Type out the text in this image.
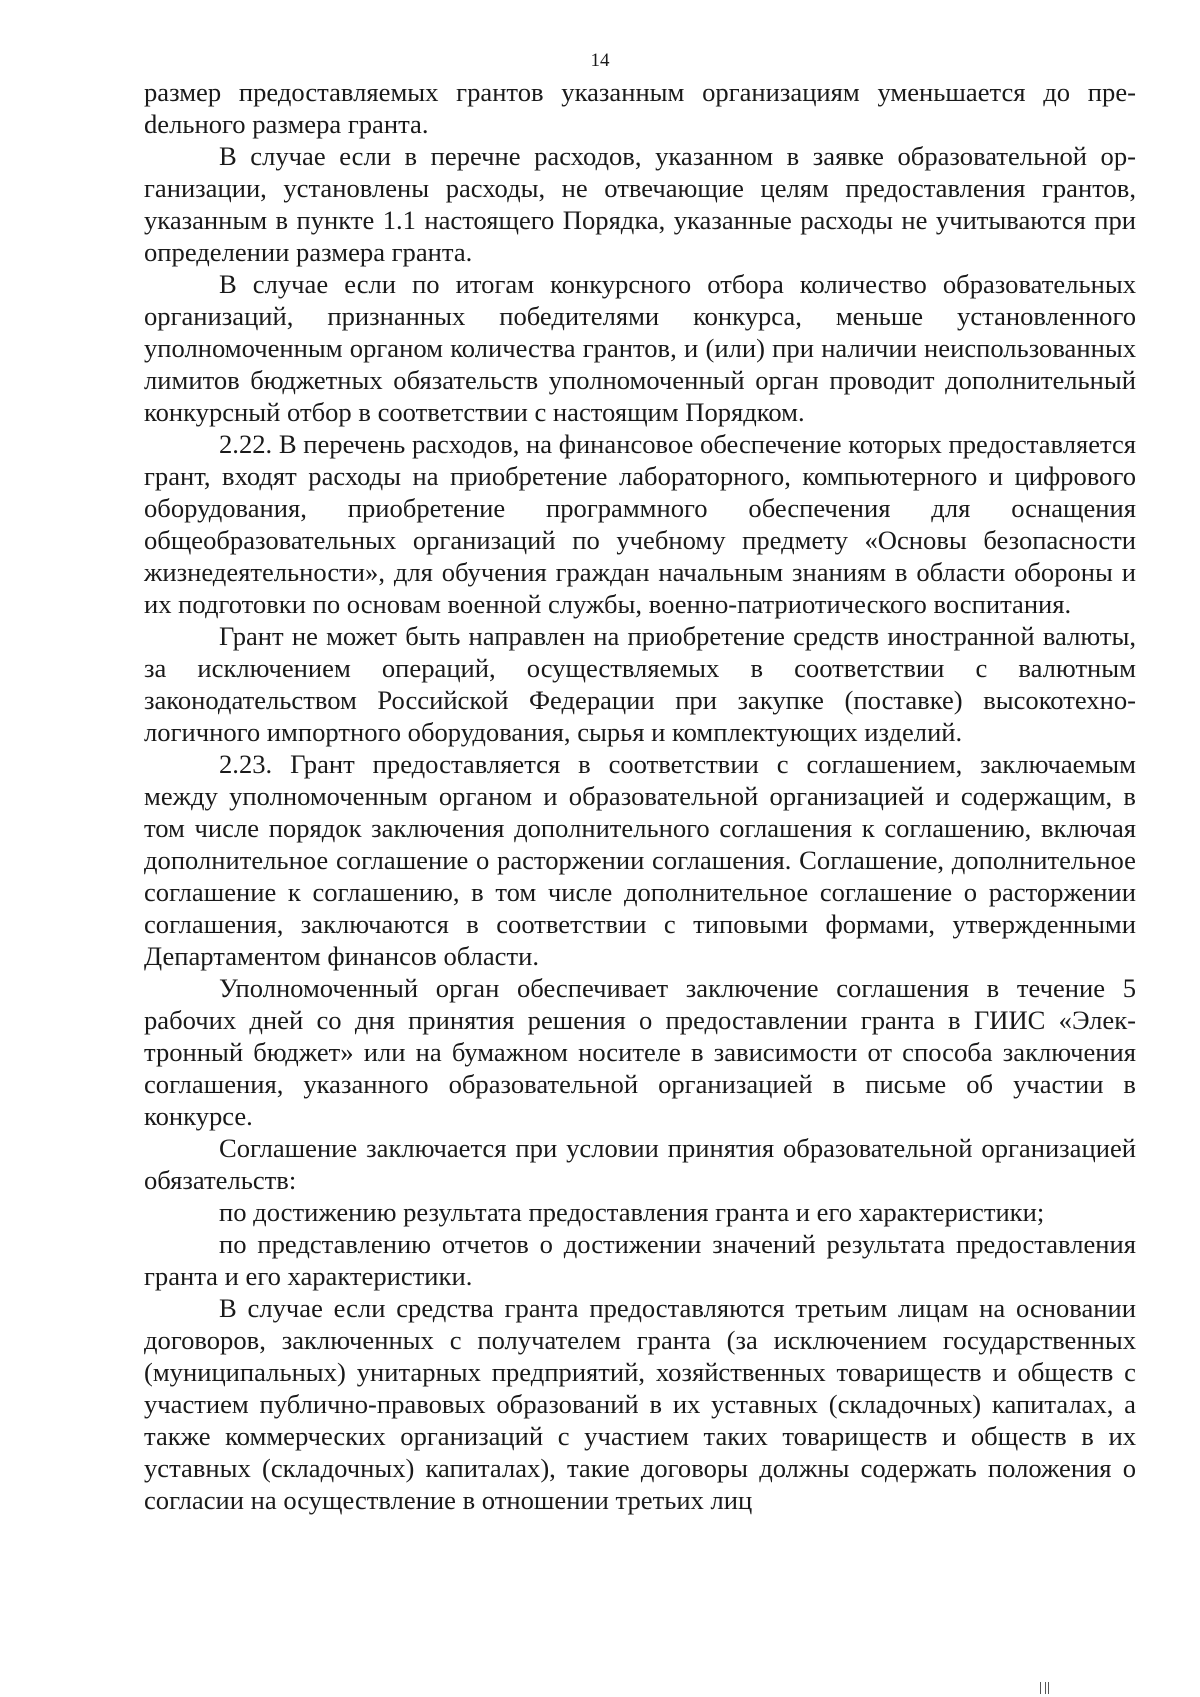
14

размер предоставляемых грантов указанным организациям уменьшается до преdельного размера гранта.

В случае если в перечне расходов, указанном в заявке образовательной организации, установлены расходы, не отвечающие целям предоставления грантов, указанным в пункте 1.1 настоящего Порядка, указанные расходы не учитываются при определении размера гранта.

В случае если по итогам конкурсного отбора количество образовательных организаций, признанных победителями конкурса, меньше установленного уполномоченным органом количества грантов, и (или) при наличии неиспользованных лимитов бюджетных обязательств уполномоченный орган проводит дополнительный конкурсный отбор в соответствии с настоящим Порядком.

2.22. В перечень расходов, на финансовое обеспечение которых предоставляется грант, входят расходы на приобретение лабораторного, компьютерного и цифрового оборудования, приобретение программного обеспечения для оснащения общеобразовательных организаций по учебному предмету «Основы безопасности жизнедеятельности», для обучения граждан начальным знаниям в области обороны и их подготовки по основам военной службы, военно-патриотического воспитания.

Грант не может быть направлен на приобретение средств иностранной валюты, за исключением операций, осуществляемых в соответствии с валютным законодательством Российской Федерации при закупке (поставке) высокотехнологичного импортного оборудования, сырья и комплектующих изделий.

2.23. Грант предоставляется в соответствии с соглашением, заключаемым между уполномоченным органом и образовательной организацией и содержащим, в том числе порядок заключения дополнительного соглашения к соглашению, включая дополнительное соглашение о расторжении соглашения. Соглашение, дополнительное соглашение к соглашению, в том числе дополнительное соглашение о расторжении соглашения, заключаются в соответствии с типовыми формами, утвержденными Департаментом финансов области.

Уполномоченный орган обеспечивает заключение соглашения в течение 5 рабочих дней со дня принятия решения о предоставлении гранта в ГИИС «Электронный бюджет» или на бумажном носителе в зависимости от способа заключения соглашения, указанного образовательной организацией в письме об участии в конкурсе.

Соглашение заключается при условии принятия образовательной организацией обязательств:

по достижению результата предоставления гранта и его характеристики;

по представлению отчетов о достижении значений результата предоставления гранта и его характеристики.

В случае если средства гранта предоставляются третьим лицам на основании договоров, заключенных с получателем гранта (за исключением государственных (муниципальных) унитарных предприятий, хозяйственных товариществ и обществ с участием публично-правовых образований в их уставных (складочных) капиталах, а также коммерческих организаций с участием таких товариществ и обществ в их уставных (складочных) капиталах), такие договоры должны содержать положения о согласии на осуществление в отношении третьих лиц
